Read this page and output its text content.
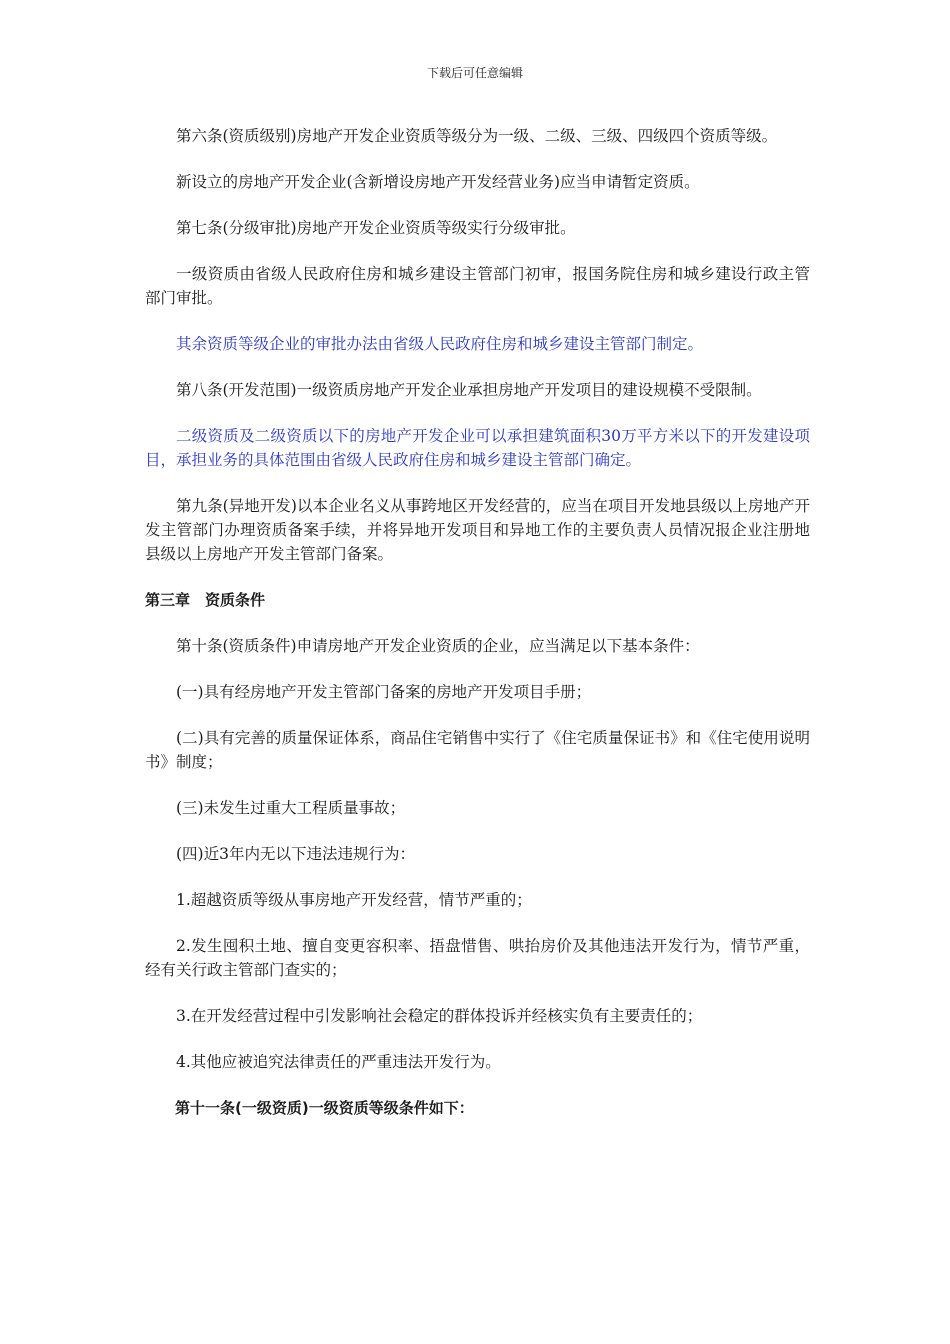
下载后可任意编辑

第六条(资质级别)房地产开发企业资质等级分为一级、二级、三级、四级四个资质等级。

新设立的房地产开发企业(含新增设房地产开发经营业务)应当申请暂定资质。

第七条(分级审批)房地产开发企业资质等级实行分级审批。

一级资质由省级人民政府住房和城乡建设主管部门初审，报国务院住房和城乡建设行政主管部门审批。

其余资质等级企业的审批办法由省级人民政府住房和城乡建设主管部门制定。

第八条(开发范围)一级资质房地产开发企业承担房地产开发项目的建设规模不受限制。

二级资质及二级资质以下的房地产开发企业可以承担建筑面积30万平方米以下的开发建设项目，承担业务的具体范围由省级人民政府住房和城乡建设主管部门确定。

第九条(异地开发)以本企业名义从事跨地区开发经营的，应当在项目开发地县级以上房地产开发主管部门办理资质备案手续，并将异地开发项目和异地工作的主要负责人员情况报企业注册地县级以上房地产开发主管部门备案。

第三章　资质条件

第十条(资质条件)申请房地产开发企业资质的企业，应当满足以下基本条件：

(一)具有经房地产开发主管部门备案的房地产开发项目手册；

(二)具有完善的质量保证体系，商品住宅销售中实行了《住宅质量保证书》和《住宅使用说明书》制度；

(三)未发生过重大工程质量事故；

(四)近3年内无以下违法违规行为：

1.超越资质等级从事房地产开发经营，情节严重的；

2.发生囤积土地、擅自变更容积率、捂盘惜售、哄抬房价及其他违法开发行为，情节严重，经有关行政主管部门查实的；

3.在开发经营过程中引发影响社会稳定的群体投诉并经核实负有主要责任的；

4.其他应被追究法律责任的严重违法开发行为。

第十一条(一级资质)一级资质等级条件如下：
